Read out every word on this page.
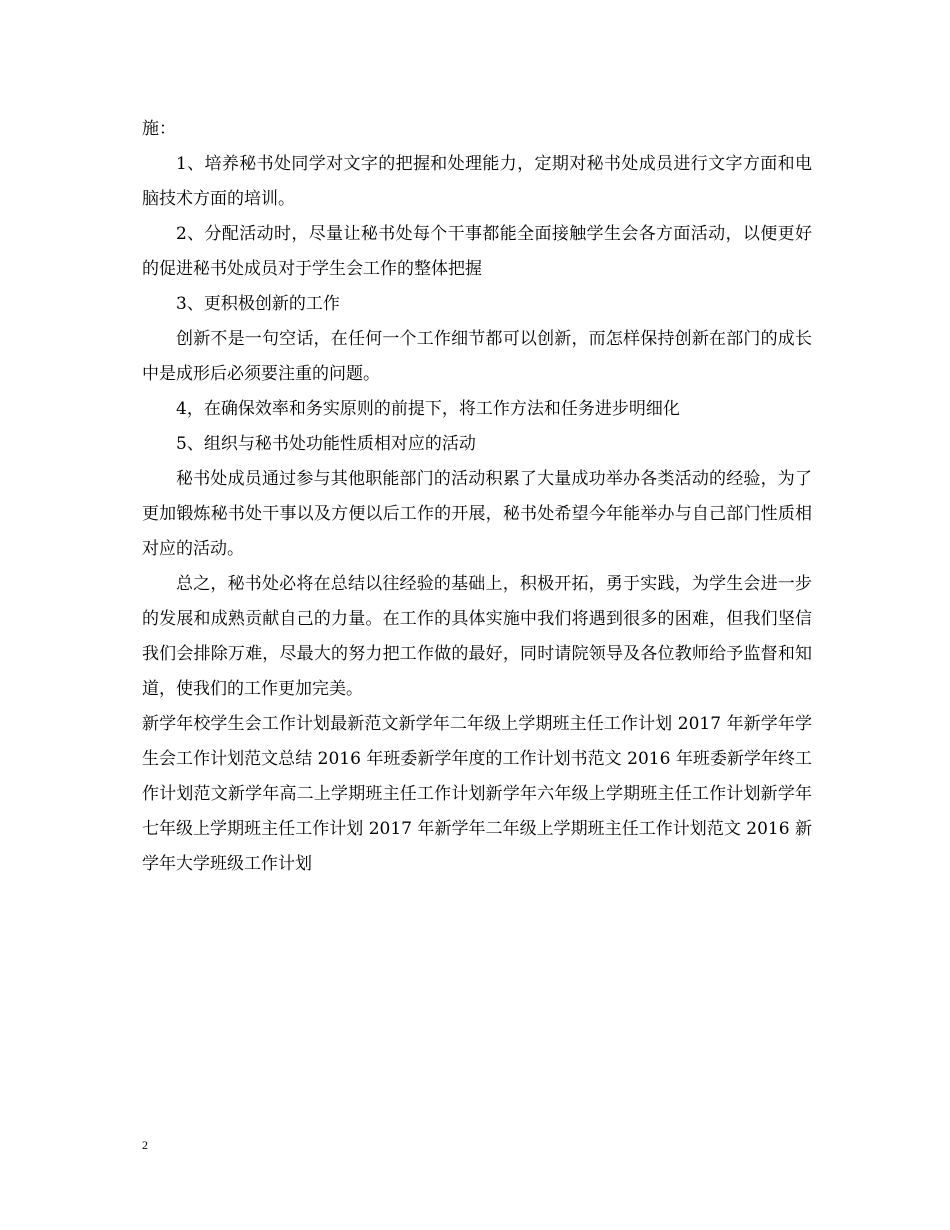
施：

1、培养秘书处同学对文字的把握和处理能力，定期对秘书处成员进行文字方面和电脑技术方面的培训。

2、分配活动时，尽量让秘书处每个干事都能全面接触学生会各方面活动，以便更好的促进秘书处成员对于学生会工作的整体把握

3、更积极创新的工作

创新不是一句空话，在任何一个工作细节都可以创新，而怎样保持创新在部门的成长中是成形后必须要注重的问题。

4，在确保效率和务实原则的前提下，将工作方法和任务进步明细化

5、组织与秘书处功能性质相对应的活动

秘书处成员通过参与其他职能部门的活动积累了大量成功举办各类活动的经验，为了更加锻炼秘书处干事以及方便以后工作的开展，秘书处希望今年能举办与自己部门性质相对应的活动。

总之，秘书处必将在总结以往经验的基础上，积极开拓，勇于实践，为学生会进一步的发展和成熟贡献自己的力量。在工作的具体实施中我们将遇到很多的困难，但我们坚信我们会排除万难，尽最大的努力把工作做的最好，同时请院领导及各位教师给予监督和知道，使我们的工作更加完美。

新学年校学生会工作计划最新范文新学年二年级上学期班主任工作计划 2017 年新学年学生会工作计划范文总结 2016 年班委新学年度的工作计划书范文 2016 年班委新学年终工作计划范文新学年高二上学期班主任工作计划新学年六年级上学期班主任工作计划新学年七年级上学期班主任工作计划 2017 年新学年二年级上学期班主任工作计划范文 2016 新学年大学班级工作计划

2
